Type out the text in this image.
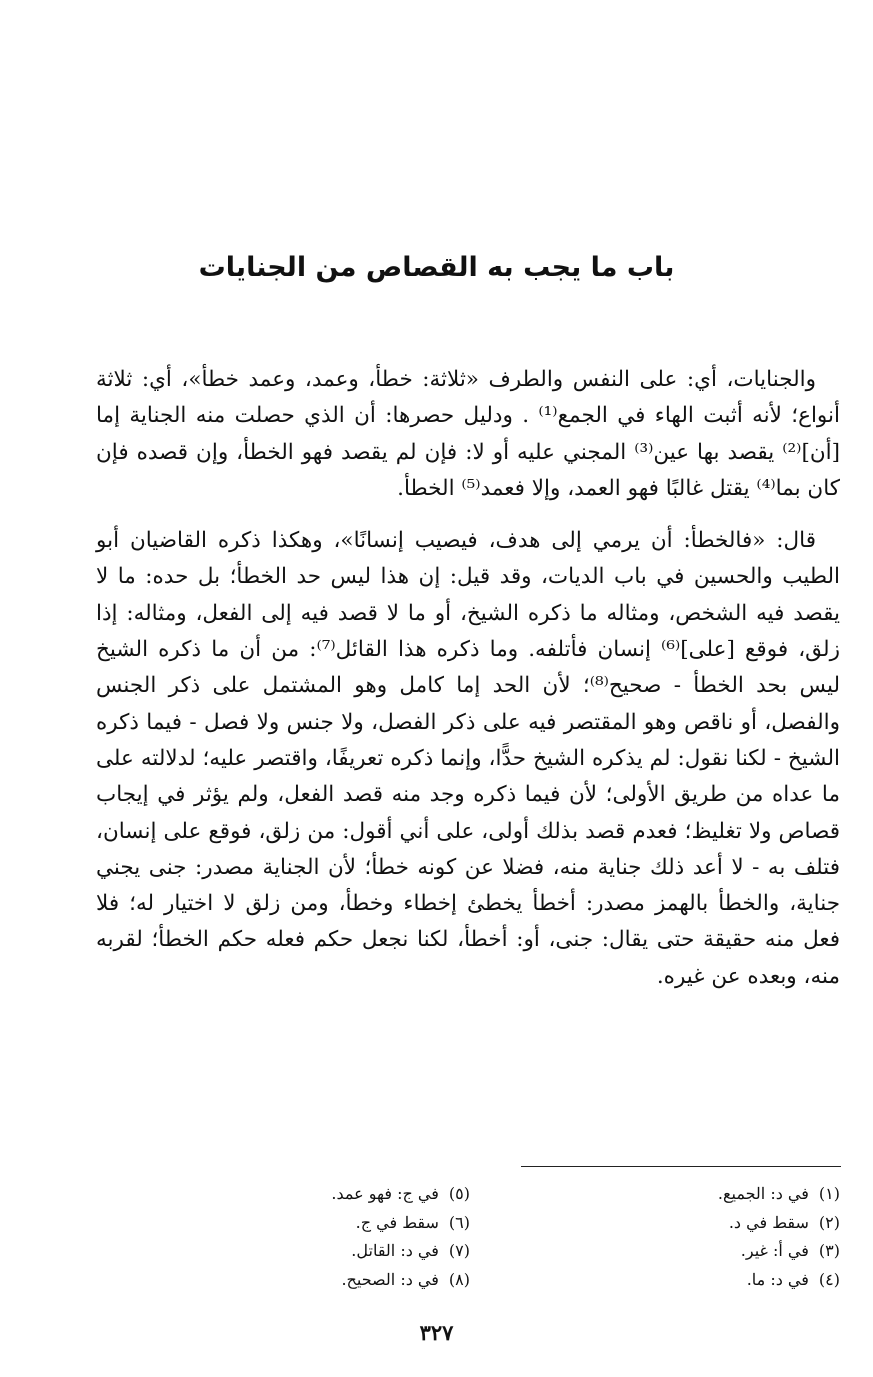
باب ما يجب به القصاص من الجنايات

والجنايات، أي: على النفس والطرف «ثلاثة: خطأ، وعمد، وعمد خطأ»، أي: ثلاثة أنواع؛ لأنه أثبت الهاء في الجمع⁽¹⁾ . ودليل حصرها: أن الذي حصلت منه الجناية إما [أن]⁽²⁾ يقصد بها عين⁽³⁾ المجني عليه أو لا: فإن لم يقصد فهو الخطأ، وإن قصده فإن كان بما⁽⁴⁾ يقتل غالبًا فهو العمد، وإلا فعمد⁽⁵⁾ الخطأ.

قال: «فالخطأ: أن يرمي إلى هدف، فيصيب إنسانًا»، وهكذا ذكره القاضيان أبو الطيب والحسين في باب الديات، وقد قيل: إن هذا ليس حد الخطأ؛ بل حده: ما لا يقصد فيه الشخص، ومثاله ما ذكره الشيخ، أو ما لا قصد فيه إلى الفعل، ومثاله: إذا زلق، فوقع [على]⁽⁶⁾ إنسان فأتلفه. وما ذكره هذا القائل⁽⁷⁾: من أن ما ذكره الشيخ ليس بحد الخطأ - صحيح⁽⁸⁾؛ لأن الحد إما كامل وهو المشتمل على ذكر الجنس والفصل، أو ناقص وهو المقتصر فيه على ذكر الفصل، ولا جنس ولا فصل - فيما ذكره الشيخ - لكنا نقول: لم يذكره الشيخ حدًّا، وإنما ذكره تعريفًا، واقتصر عليه؛ لدلالته على ما عداه من طريق الأولى؛ لأن فيما ذكره وجد منه قصد الفعل، ولم يؤثر في إيجاب قصاص ولا تغليظ؛ فعدم قصد بذلك أولى، على أني أقول: من زلق، فوقع على إنسان، فتلف به - لا أعد ذلك جناية منه، فضلا عن كونه خطأ؛ لأن الجناية مصدر: جنى يجني جناية، والخطأ بالهمز مصدر: أخطأ يخطئ إخطاء وخطأ، ومن زلق لا اختيار له؛ فلا فعل منه حقيقة حتى يقال: جنى، أو: أخطأ، لكنا نجعل حكم فعله حكم الخطأ؛ لقربه منه، وبعده عن غيره.

(١)في د: الجميع.
(٢)سقط في د.
(٣)في أ: غير.
(٤)في د: ما.
(٥)في ج: فهو عمد.
(٦)سقط في ج.
(٧)في د: القاتل.
(٨)في د: الصحيح.
٣٢٧
